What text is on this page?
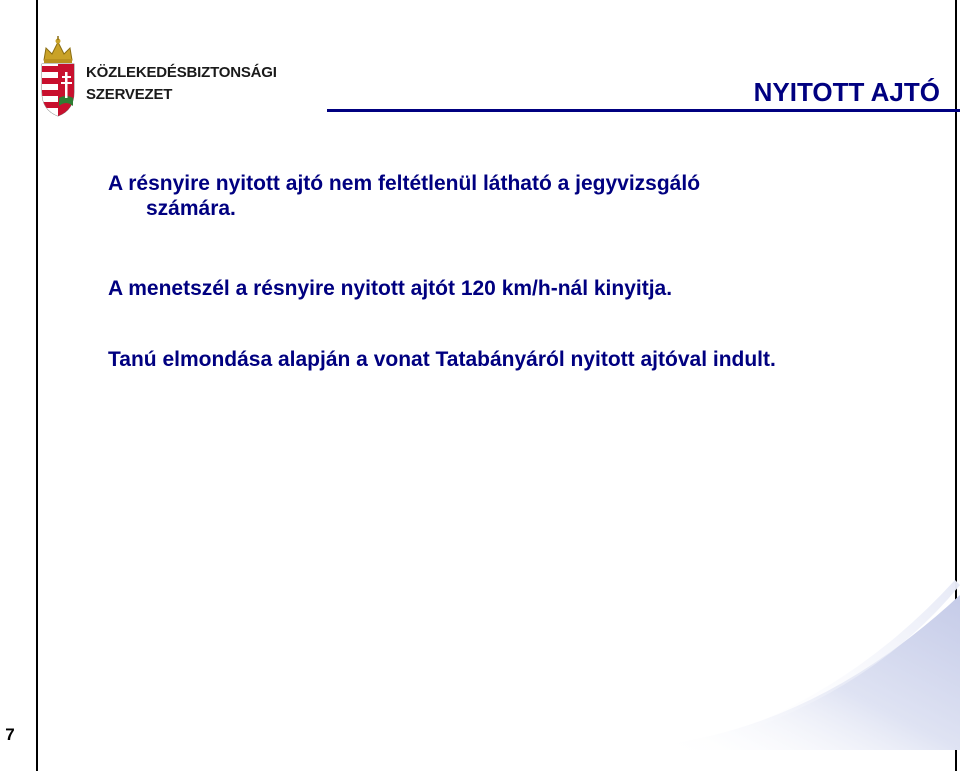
7
KÖZLEKEDÉSBIZTONSÁGI
SZERVEZET	NYITOTT AJTÓ
A résnyire nyitott ajtó nem feltétlenül látható a jegyvizsgáló
számára.
A menetszél a résnyire nyitott ajtót 120 km/h-nál kinyitja.
Tanú elmondása alapján a vonat Tatabányáról nyitott ajtóval indult.
